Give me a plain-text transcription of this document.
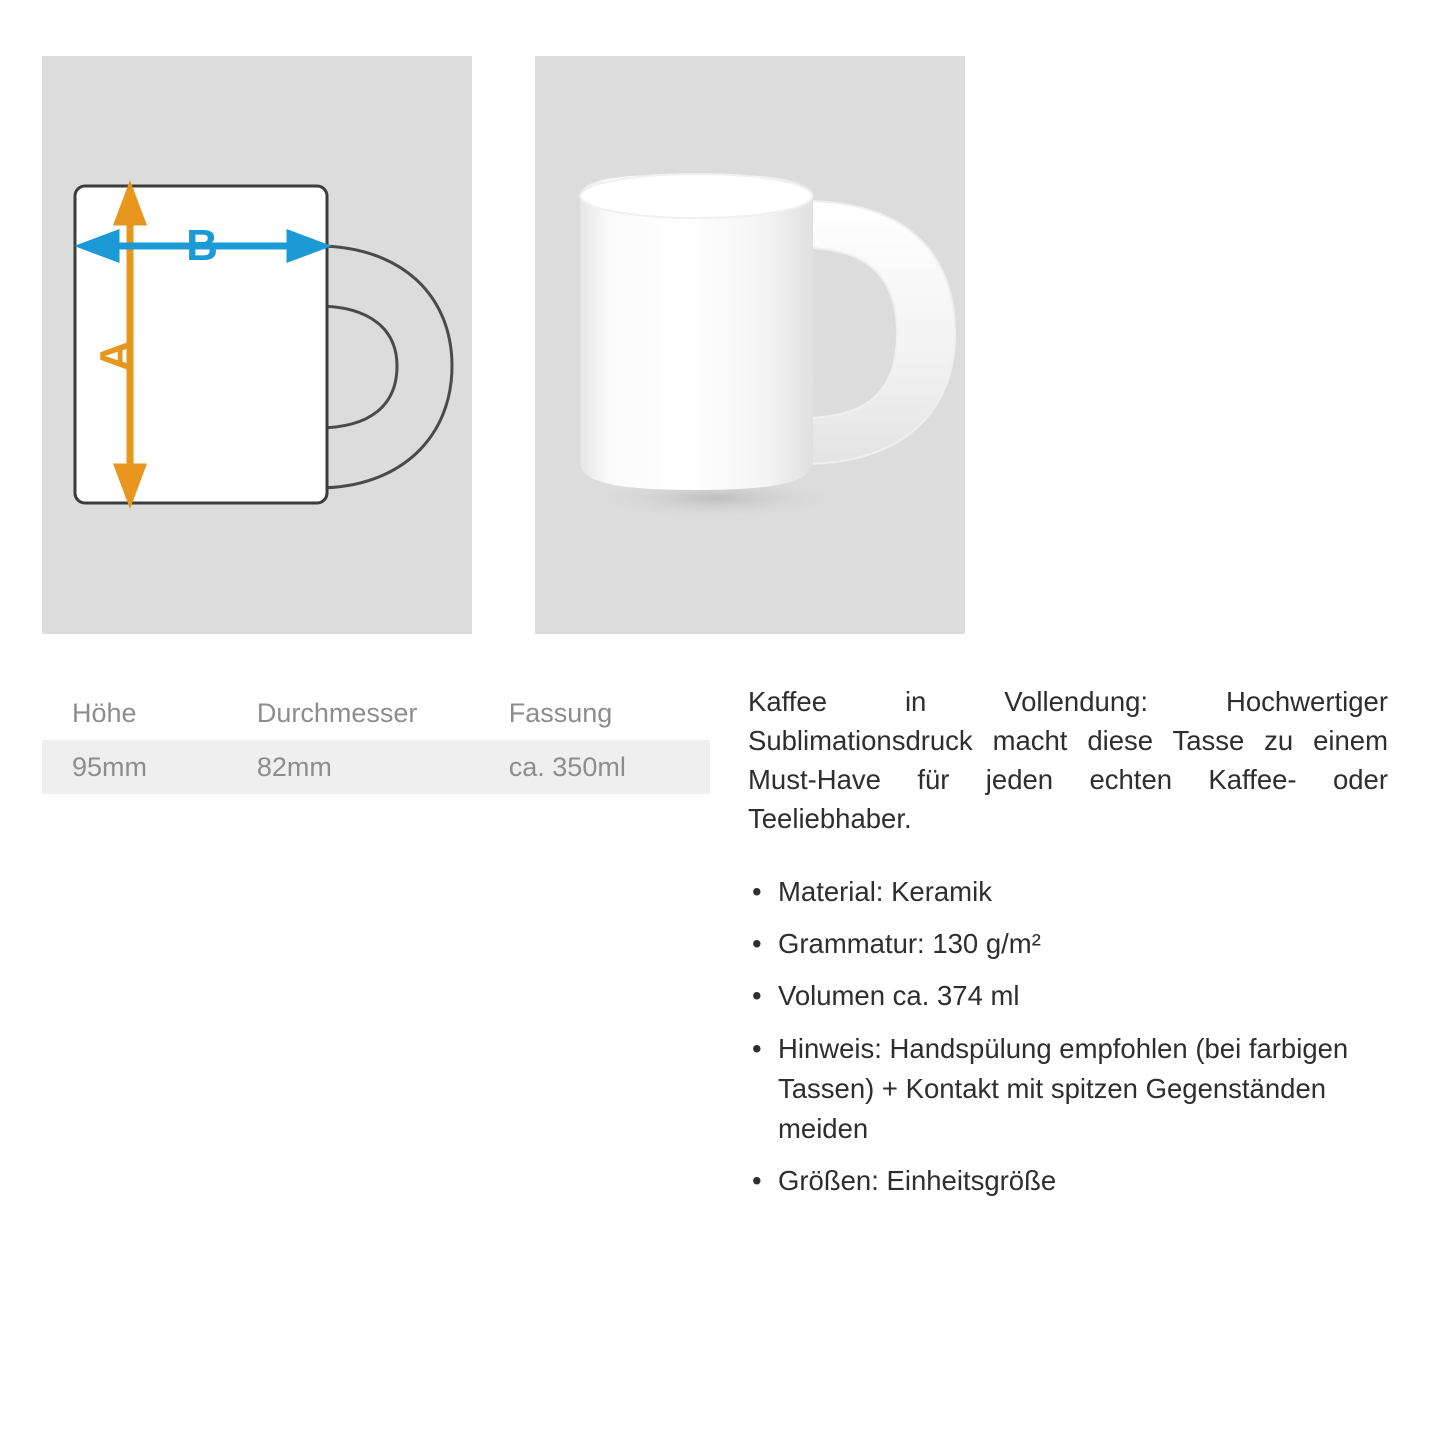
A
B
Höhe	Durchmesser	Fassung
95mm	82mm	ca. 350ml

Kaffee in Vollendung: Hochwertiger Sublimationsdruck macht diese Tasse zu einem Must-Have für jeden echten Kaffee- oder Teeliebhaber.

• Material: Keramik
• Grammatur: 130 g/m²
• Volumen ca. 374 ml
• Hinweis: Handspülung empfohlen (bei farbigen Tassen) + Kontakt mit spitzen Gegenständen meiden
• Größen: Einheitsgröße
